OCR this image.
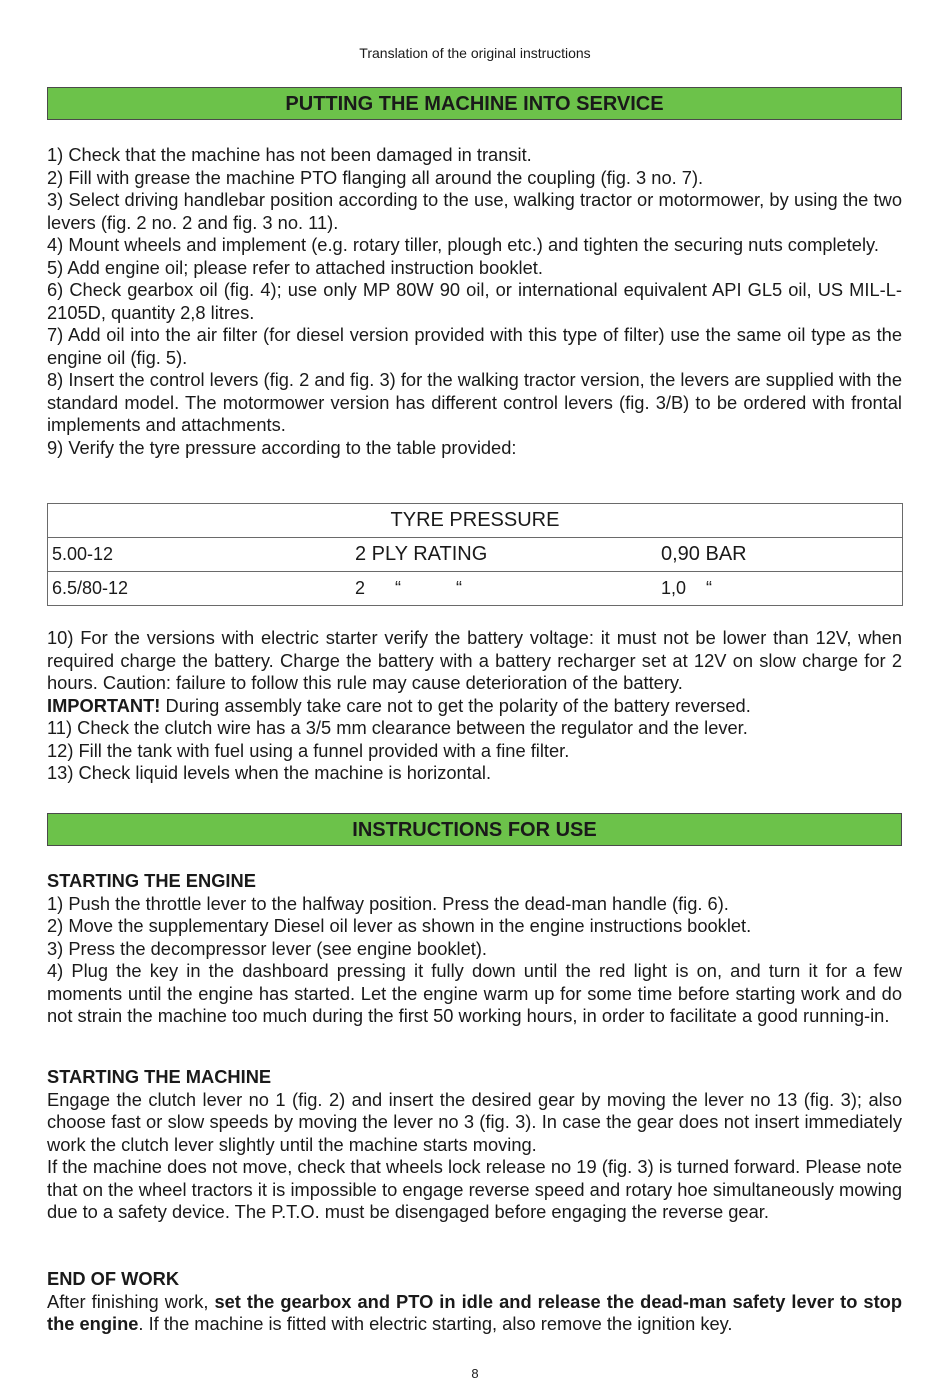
Translation of the original instructions
PUTTING THE MACHINE INTO SERVICE

1) Check that the machine has not been damaged in transit.

2) Fill with grease the machine PTO flanging all around the coupling (fig. 3 no. 7).

3) Select driving handlebar position according to the use, walking tractor or motormower, by using the two levers (fig. 2 no. 2 and fig. 3 no. 11).

4) Mount wheels and implement (e.g. rotary tiller, plough etc.) and tighten the securing nuts completely.

5) Add engine oil; please refer to attached instruction booklet.

6) Check gearbox oil (fig. 4); use only MP 80W 90 oil, or international equivalent API GL5 oil, US MIL-L-2105D, quantity 2,8 litres.

7) Add oil into the air filter (for diesel version provided with this type of filter) use the same oil type as the engine oil (fig. 5).

8) Insert the control levers (fig. 2 and fig. 3) for the walking tractor version, the levers are supplied with the standard model. The motormower version has different control levers (fig. 3/B) to be ordered with frontal implements and attachments.

9) Verify the tyre pressure according to the table provided:

TYRE PRESSURE

5.00-12	2 PLY RATING	0,90 BAR

6.5/80-12	2      “           “	1,0    “

10) For the versions with electric starter verify the battery voltage: it must not be lower than 12V, when required charge the battery. Charge the battery with a battery recharger set at 12V on slow charge for 2 hours. Caution: failure to follow this rule may cause deterioration of the battery.

IMPORTANT! During assembly take care not to get the polarity of the battery reversed.

11) Check the clutch wire has a 3/5 mm clearance between the regulator and the lever.

12) Fill the tank with fuel using a funnel provided with a fine filter.

13) Check liquid levels when the machine is horizontal.

INSTRUCTIONS FOR USE

STARTING THE ENGINE

1) Push the throttle lever to the halfway position. Press the dead-man handle (fig. 6).

2) Move the supplementary Diesel oil lever as shown in the engine instructions booklet.

3) Press the decompressor lever (see engine booklet).

4) Plug the key in the dashboard pressing it fully down until the red light is on, and turn it for a few moments until the engine has started. Let the engine warm up for some time before starting work and do not strain the machine too much during the first 50 working hours, in order to facilitate a good running-in.

STARTING THE MACHINE

Engage the clutch lever no 1 (fig. 2) and insert the desired gear by moving the lever no 13 (fig. 3); also choose fast or slow speeds by moving the lever no 3 (fig. 3). In case the gear does not insert immediately work the clutch lever slightly until the machine starts moving.

If the machine does not move, check that wheels lock release no 19 (fig. 3) is turned forward. Please note that on the wheel tractors it is impossible to engage reverse speed and rotary hoe simultaneously mowing due to a safety device. The P.T.O. must be disengaged before engaging the reverse gear.

END OF WORK

After finishing work, set the gearbox and PTO in idle and release the dead-man safety lever to stop the engine. If the machine is fitted with electric starting, also remove the ignition key.

8
